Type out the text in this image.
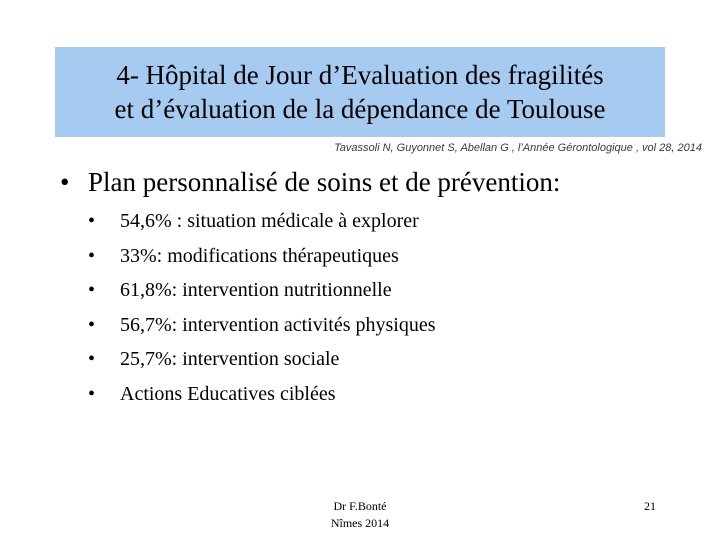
4- Hôpital de Jour d’Evaluation des fragilités
et d’évaluation de la dépendance de Toulouse
Tavassoli N, Guyonnet S, Abellan G , l’Année Gérontologique , vol 28, 2014
• Plan personnalisé de soins et de prévention:
•	54,6% : situation médicale à explorer
•	33%: modifications thérapeutiques
•	61,8%: intervention nutritionnelle
•	56,7%: intervention activités physiques
•	25,7%: intervention sociale
•	Actions Educatives ciblées
Dr F.Bonté
Nîmes 2014
21
